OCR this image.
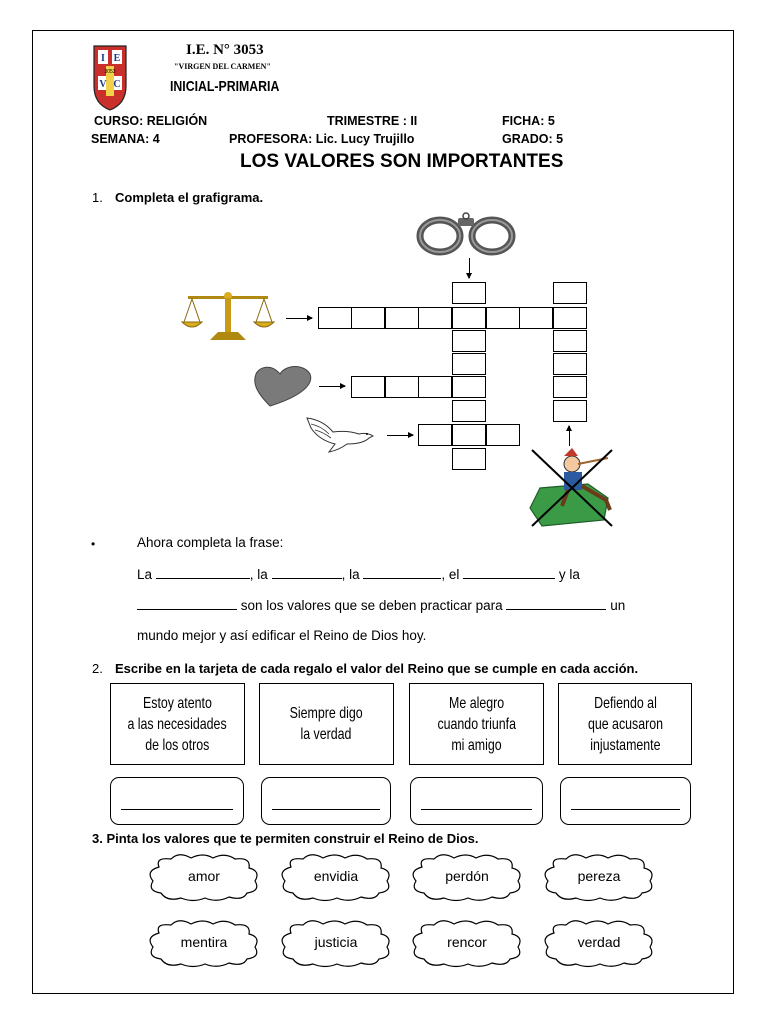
I E
3053
V C
I.E. N° 3053
"VIRGEN DEL CARMEN"
INICIAL-PRIMARIA
CURSO: RELIGIÓN	TRIMESTRE : II	FICHA: 5
SEMANA: 4	PROFESORA: Lic. Lucy Trujillo	GRADO: 5
LOS VALORES SON IMPORTANTES
1. Completa el grafigrama.
•	Ahora completa la frase:
La	, la	, la	, el	y la
son los valores que se deben practicar para	un
mundo mejor y así edificar el Reino de Dios hoy.
2. Escribe en la tarjeta de cada regalo el valor del Reino que se cumple en cada acción.
Estoy atento
a las necesidades
de los otros
Siempre digo
la verdad
Me alegro
cuando triunfa
mi amigo
Defiendo al
que acusaron
injustamente
3. Pinta los valores que te permiten construir el Reino de Dios.
amor	envidia	perdón	pereza
mentira	justicia	rencor	verdad
